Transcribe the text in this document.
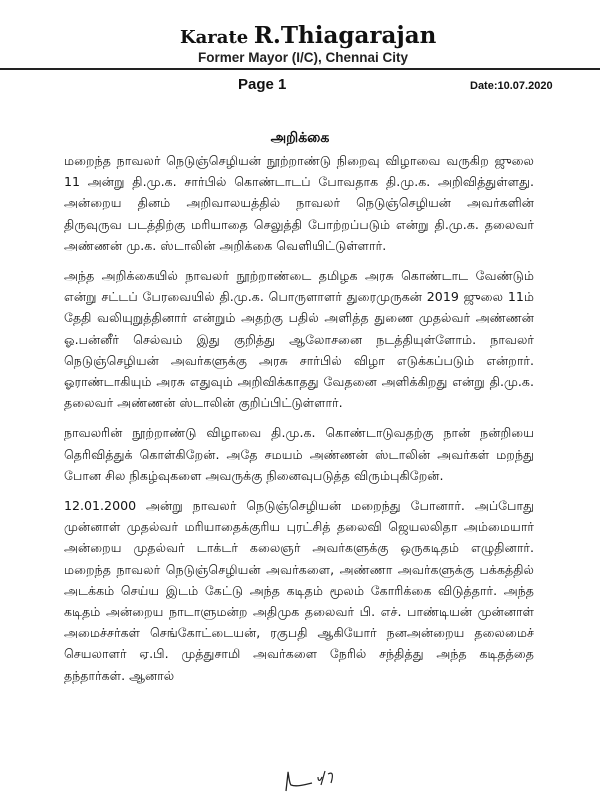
Karate R.Thiagarajan
Former Mayor (I/C), Chennai City
Page 1	Date:10.07.2020
அறிக்கை

மறைந்த நாவலர் நெடுஞ்செழியன் நூற்றாண்டு நிறைவு விழாவை வருகிற ஜுலை 11 அன்று தி.மு.க. சார்பில் கொண்டாடப் போவதாக தி.மு.க. அறிவித்துள்ளது. அன்றைய தினம் அறிவாலயத்தில் நாவலர் நெடுஞ்செழியன் அவர்களின் திருவுருவ படத்திற்கு மரியாதை செலுத்தி போற்றப்படும் என்று தி.மு.க. தலைவர் அண்ணன் மு.க. ஸ்டாலின் அறிக்கை வெளியிட்டுள்ளார்.

அந்த அறிக்கையில் நாவலர் நூற்றாண்டை தமிழக அரசு கொண்டாட வேண்டும் என்று சட்டப் பேரவையில் தி.மு.க. பொருளாளர் துரைமுருகன் 2019 ஜுலை 11ம் தேதி வலியுறுத்தினார் என்றும் அதற்கு பதில் அளித்த துணை முதல்வர் அண்ணன் ஓ.பன்னீர் செல்வம் இது குறித்து ஆலோசனை நடத்தியுள்ளோம். நாவலர் நெடுஞ்செழியன் அவர்களுக்கு அரசு சார்பில் விழா எடுக்கப்படும் என்றார். ஓராண்டாகியும் அரசு எதுவும் அறிவிக்காதது வேதனை அளிக்கிறது என்று தி.மு.க. தலைவர் அண்ணன் ஸ்டாலின் குறிப்பிட்டுள்ளார்.

நாவலரின் நூற்றாண்டு விழாவை தி.மு.க. கொண்டாடுவதற்கு நான் நன்றியை தெரிவித்துக் கொள்கிறேன். அதே சமயம் அண்ணன் ஸ்டாலின் அவர்கள் மறந்து போன சில நிகழ்வுகளை அவருக்கு நினைவுபடுத்த விரும்புகிறேன்.

12.01.2000 அன்று நாவலர் நெடுஞ்செழியன் மறைந்து போனார். அப்போது முன்னாள் முதல்வர் மரியாதைக்குரிய புரட்சித் தலைவி ஜெயலலிதா அம்மையார் அன்றைய முதல்வர் டாக்டர் கலைஞர் அவர்களுக்கு ஒருகடிதம் எழுதினார். மறைந்த நாவலர் நெடுஞ்செழியன் அவர்களை, அண்ணா அவர்களுக்கு பக்கத்தில் அடக்கம் செய்ய இடம் கேட்டு அந்த கடிதம் மூலம் கோரிக்கை விடுத்தார். அந்த கடிதம் அன்றைய நாடாளுமன்ற அதிமுக தலைவர் பி. எச். பாண்டியன் முன்னாள் அமைச்சர்கள் செங்கோட்டையன், ரகுபதி ஆகியோர் நனஅன்றைய தலைமைச் செயலாளர் ஏ.பி. முத்துசாமி அவர்களை நேரில் சந்தித்து அந்த கடிதத்தை தந்தார்கள். ஆனால்
